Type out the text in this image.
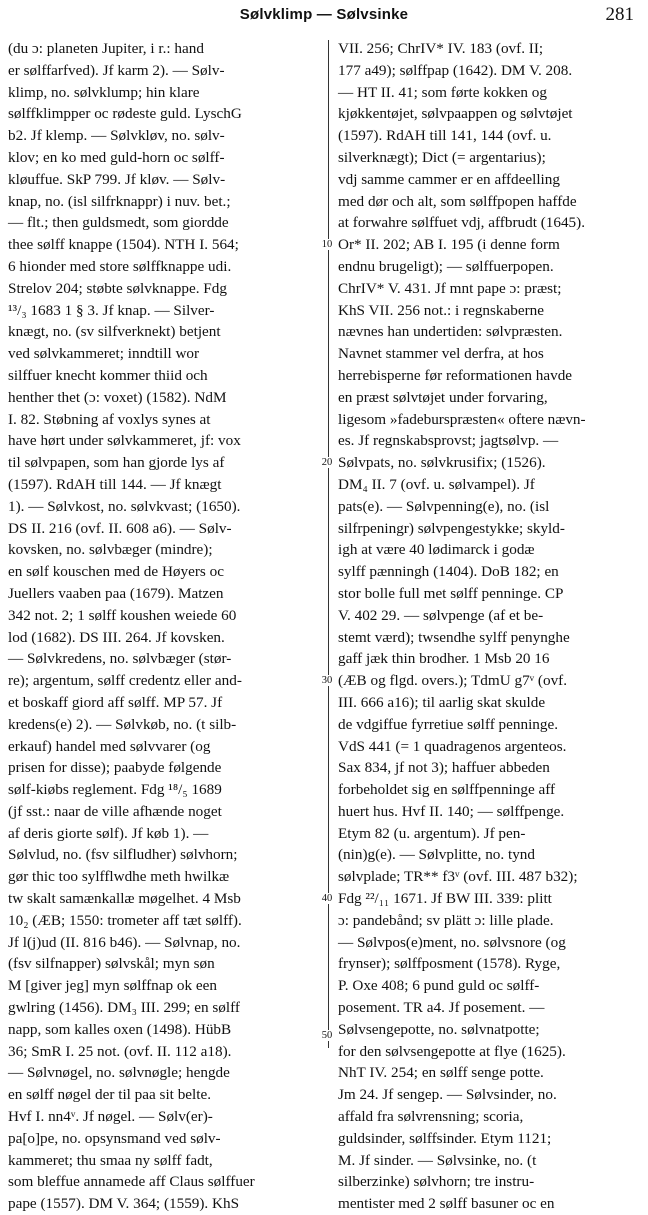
Sølvklimp — Sølvsinke	281
(du ɔ: planeten Jupiter, i r.: hand
er sølffarfved). Jf karm 2). — Sølv-
klimp, no. sølvklump; hin klare
sølffklimpper oc rødeste guld. LyschG
b2. Jf klemp. — Sølvkløv, no. sølv-
klov; en ko med guld-horn oc sølff-
kløuffue. SkP 799. Jf kløv. — Sølv-
knap, no. (isl silfrknappr) i nuv. bet.;
— flt.; then guldsmedt, som giordde
thee sølff knappe (1504). NTH I. 564;
6 hionder med store sølffknappe udi.
Strelov 204; støbte sølvknappe. Fdg
¹³/₃ 1683 1 § 3. Jf knap. — Silver-
knægt, no. (sv silfverknekt) betjent
ved sølvkammeret; inndtill wor
silffuer knecht kommer thiid och
henther thet (ɔ: voxet) (1582). NdM
I. 82. Støbning af voxlys synes at
have hørt under sølvkammeret, jf: vox
til sølvpapen, som han gjorde lys af
(1597). RdAH till 144. — Jf knægt
1). — Sølvkost, no. sølvkvast; (1650).
DS II. 216 (ovf. II. 608 a6). — Sølv-
kovsken, no. sølvbæger (mindre);
en sølf kouschen med de Høyers oc
Juellers vaaben paa (1679). Matzen
342 not. 2; 1 sølff koushen weiede 60
lod (1682). DS III. 264. Jf kovsken.
— Sølvkredens, no. sølvbæger (stør-
re); argentum, sølff credentz eller and-
et boskaff giord aff sølff. MP 57. Jf
kredens(e) 2). — Sølvkøb, no. (t silb-
erkauf) handel med sølvvarer (og
prisen for disse); paabyde følgende
sølf-kiøbs reglement. Fdg ¹⁸/₅ 1689
(jf sst.: naar de ville afhænde noget
af deris giorte sølf). Jf køb 1). —
Sølvlud, no. (fsv silfludher) sølvhorn;
gør thic too sylfflwdhe meth hwilkæ
tw skalt samænkallæ møgelhet. 4 Msb
10₂ (ÆB; 1550: trometer aff tæt sølff).
Jf l(j)ud (II. 816 b46). — Sølvnap, no.
(fsv silfnapper) sølvskål; myn søn
M [giver jeg] myn sølffnap ok een
gwlring (1456). DM₃ III. 299; en sølff
napp, som kalles oxen (1498). HübB
36; SmR I. 25 not. (ovf. II. 112 a18).
— Sølvnøgel, no. sølvnøgle; hengde
en sølff nøgel der til paa sit belte.
Hvf I. nn4ᵛ. Jf nøgel. — Sølv(er)-
pa[o]pe, no. opsynsmand ved sølv-
kammeret; thu smaa ny sølff fadt,
som bleffue annamede aff Claus sølffuer
pape (1557). DM V. 364; (1559). KhS
VII. 256; ChrIV* IV. 183 (ovf. II;
177 a49); sølffpap (1642). DM V. 208.
— HT II. 41; som førte kokken og
kjøkkentøjet, sølvpaappen og sølvtøjet
(1597). RdAH till 141, 144 (ovf. u.
silverknægt); Dict (= argentarius);
vdj samme cammer er en affdeelling
med dør och alt, som sølffpopen haffde
at forwahre sølffuet vdj, affbrudt (1645).
Or* II. 202; AB I. 195 (i denne form
endnu brugeligt); — sølffuerpopen.
ChrIV* V. 431. Jf mnt pape ɔ: præst;
KhS VII. 256 not.: i regnskaberne
nævnes han undertiden: sølvpræsten.
Navnet stammer vel derfra, at hos
herrebisperne før reformationen havde
en præst sølvtøjet under forvaring,
ligesom »fadeburspræsten« oftere nævn-
es. Jf regnskabsprovst; jagtsølvp. —
Sølvpats, no. sølvkrusifix; (1526).
DM₄ II. 7 (ovf. u. sølvampel). Jf
pats(e). — Sølvpenning(e), no. (isl
silfrpeningr) sølvpengestykke; skyld-
igh at være 40 lødimarck i godæ
sylff pænningh (1404). DoB 182; en
stor bolle full met sølff penninge. CP
V. 402 29. — sølvpenge (af et be-
stemt værd); twsendhe sylff penynghe
gaff jæk thin brodher. 1 Msb 20 16
(ÆB og flgd. overs.); TdmU g7ᵛ (ovf.
III. 666 a16); til aarlig skat skulde
de vdgiffue fyrretiue sølff penninge.
VdS 441 (= 1 quadragenos argenteos.
Sax 834, jf not 3); haffuer abbeden
forbeholdet sig en sølffpenninge aff
huert hus. Hvf II. 140; — sølffpenge.
Etym 82 (u. argentum). Jf pen-
(nin)g(e). — Sølvplitte, no. tynd
sølvplade; TR** f3ᵛ (ovf. III. 487 b32);
Fdg ²²/₁₁ 1671. Jf BW III. 339: plitt
ɔ: pandebånd; sv plätt ɔ: lille plade.
— Sølvpos(e)ment, no. sølvsnore (og
frynser); sølffposment (1578). Ryge,
P. Oxe 408; 6 pund guld oc sølff-
posement. TR a4. Jf posement. —
Sølvsengepotte, no. sølvnatpotte;
for den sølvsengepotte at flye (1625).
NhT IV. 254; en sølff senge potte.
Jm 24. Jf sengep. — Sølvsinder, no.
affald fra sølvrensning; scoria,
guldsinder, sølffsinder. Etym 1121;
M. Jf sinder. — Sølvsinke, no. (t
silberzinke) sølvhorn; tre instru-
mentister med 2 sølff basuner oc en
10
20
30
40
50
